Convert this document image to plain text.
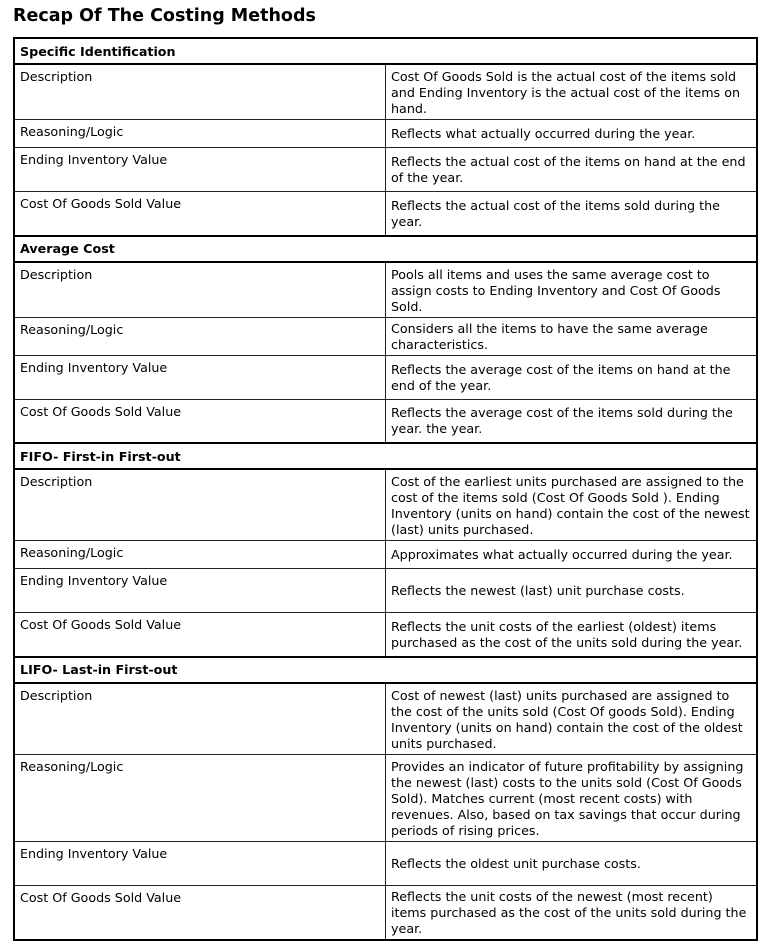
Recap Of The Costing Methods
Specific Identification	
Description	Cost Of Goods Sold is the actual cost of the items sold and Ending Inventory is the actual cost of the items on hand.
Reasoning/Logic	Reflects what actually occurred during the year.
Ending Inventory Value	Reflects the actual cost of the items on hand at the end of the year.
Cost Of Goods Sold Value	Reflects the actual cost of the items sold during the year.
Average Cost	
Description	Pools all items and uses the same average cost to assign costs to Ending Inventory and Cost Of Goods Sold.
Reasoning/Logic	Considers all the items to have the same average characteristics.
Ending Inventory Value	Reflects the average cost of the items on hand at the end of the year.
Cost Of Goods Sold Value	Reflects the average cost of the items sold during the year. the year.
FIFO- First-in First-out	
Description	Cost of the earliest units purchased are assigned to the cost of the items sold (Cost Of Goods Sold ). Ending Inventory (units on hand) contain the cost of the newest (last) units purchased.
Reasoning/Logic	Approximates what actually occurred during the year.
Ending Inventory Value	Reflects the newest (last) unit purchase costs.
Cost Of Goods Sold Value	Reflects the unit costs of the earliest (oldest) items purchased as the cost of the units sold during the year.
LIFO- Last-in First-out	
Description	Cost of newest (last) units purchased are assigned to the cost of the units sold (Cost Of goods Sold). Ending Inventory (units on hand) contain the cost of the oldest units purchased.
Reasoning/Logic	Provides an indicator of future profitability by assigning the newest (last) costs to the units sold (Cost Of Goods Sold). Matches current (most recent costs) with revenues. Also, based on tax savings that occur during periods of rising prices.
Ending Inventory Value	Reflects the oldest unit purchase costs.
Cost Of Goods Sold Value	Reflects the unit costs of the newest (most recent) items purchased as the cost of the units sold during the year.
